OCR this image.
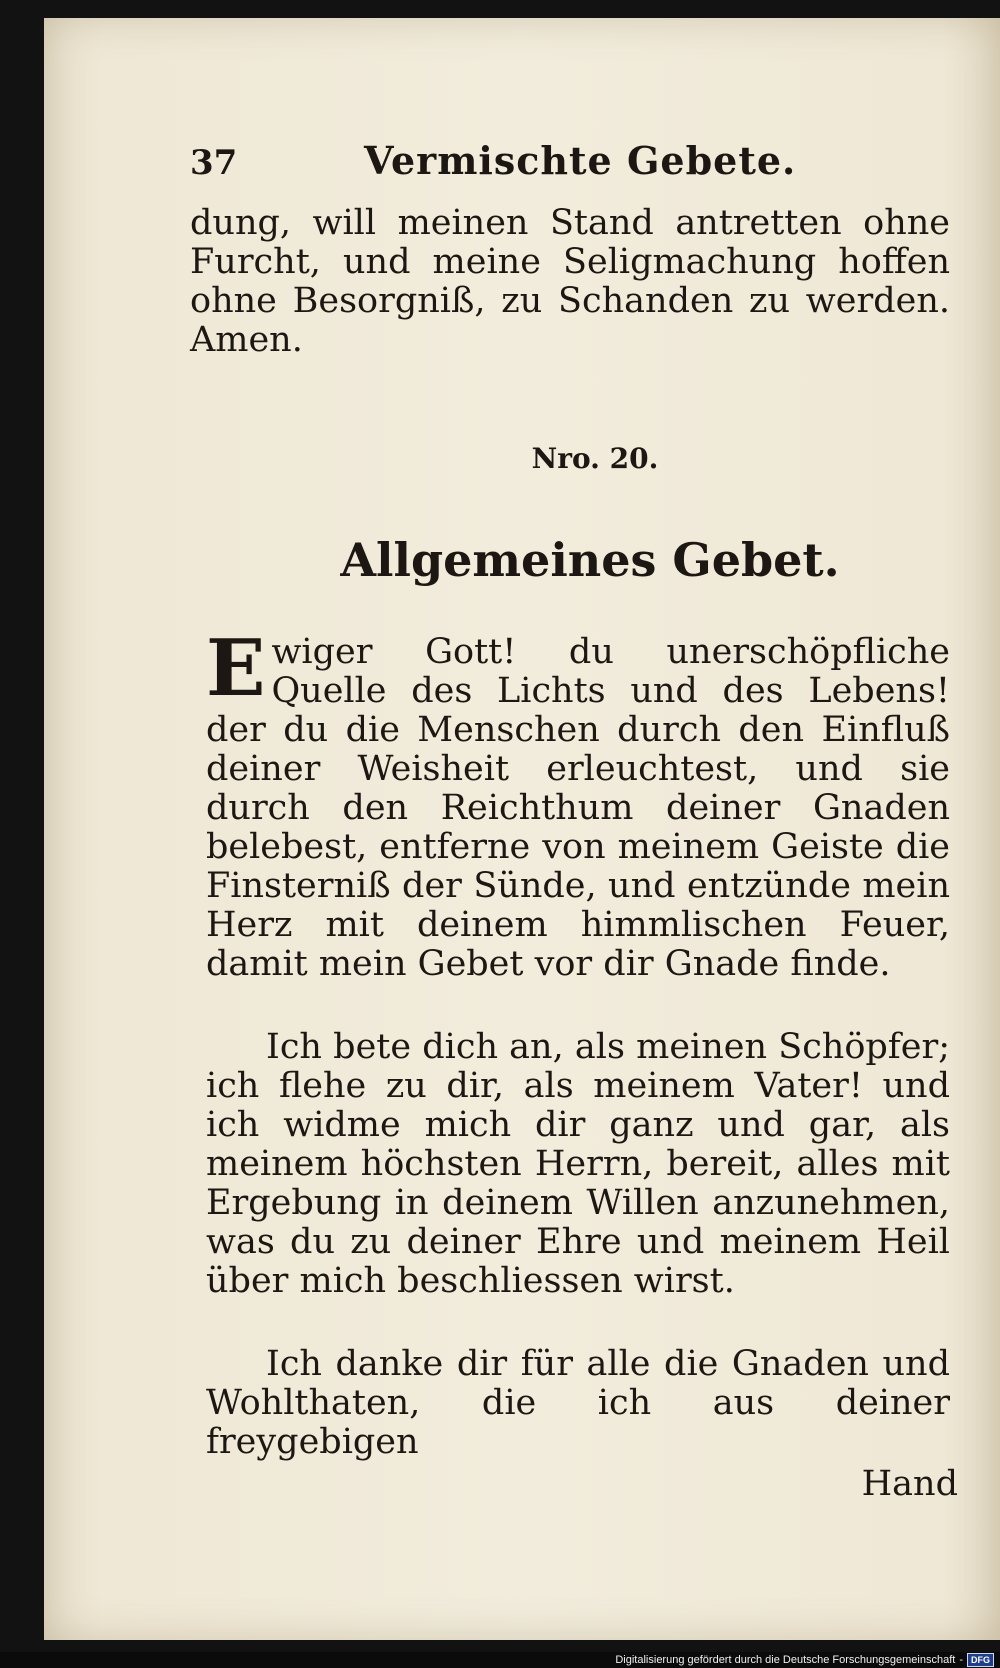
37	Vermischte Gebete.

dung, will meinen Stand antretten ohne Furcht, und meine Seligmachung hoffen ohne Besorgniß, zu Schanden zu werden. Amen.

Nro. 20.
Allgemeines Gebet.

Ewiger Gott! du unerschöpfliche Quelle des Lichts und des Lebens! der du die Menschen durch den Einfluß deiner Weisheit erleuchtest, und sie durch den Reichthum deiner Gnaden belebest, entferne von meinem Geiste die Finsterniß der Sünde, und entzünde mein Herz mit deinem himmlischen Feuer, damit mein Gebet vor dir Gnade finde.

Ich bete dich an, als meinen Schöpfer; ich flehe zu dir, als meinem Vater! und ich widme mich dir ganz und gar, als meinem höchsten Herrn, bereit, alles mit Ergebung in deinem Willen anzunehmen, was du zu deiner Ehre und meinem Heil über mich beschliessen wirst.

Ich danke dir für alle die Gnaden und Wohlthaten, die ich aus deiner freygebigen

Hand
Digitalisierung gefördert durch die Deutsche Forschungsgemeinschaft - DFG
